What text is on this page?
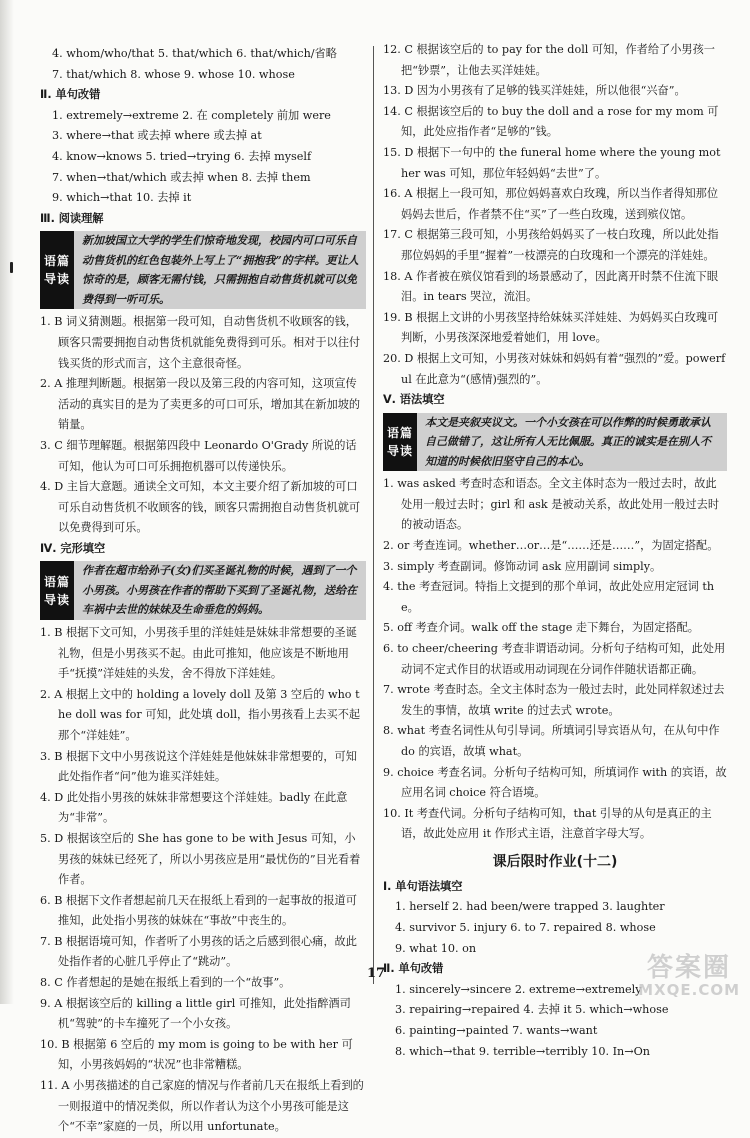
4. whom/who/that 5. that/which 6. that/which/省略
7. that/which 8. whose 9. whose 10. whose
Ⅱ. 单句改错
1. extremely→extreme 2. 在 completely 前加 were
3. where→that 或去掉 where 或去掉 at
4. know→knows 5. tried→trying 6. 去掉 myself
7. when→that/which 或去掉 when 8. 去掉 them
9. which→that 10. 去掉 it
Ⅲ. 阅读理解
语篇
导读
新加坡国立大学的学生们惊奇地发现，校园内可口可乐自动售货机的红色包装外上写上了“拥抱我”的字样。更让人惊奇的是，顾客无需付钱，只需拥抱自动售货机就可以免费得到一听可乐。
1. B 词义猜测题。根据第一段可知，自动售货机不收顾客的钱，顾客只需要拥抱自动售货机就能免费得到可乐。相对于以往付钱买货的形式而言，这个主意很奇怪。
2. A 推理判断题。根据第一段以及第三段的内容可知，这项宣传活动的真实目的是为了卖更多的可口可乐，增加其在新加坡的销量。
3. C 细节理解题。根据第四段中 Leonardo O'Grady 所说的话可知，他认为可口可乐拥抱机器可以传递快乐。
4. D 主旨大意题。通读全文可知，本文主要介绍了新加坡的可口可乐自动售货机不收顾客的钱，顾客只需拥抱自动售货机就可以免费得到可乐。
Ⅳ. 完形填空
语篇
导读
作者在超市给孙子(女)们买圣诞礼物的时候，遇到了一个小男孩。小男孩在作者的帮助下买到了圣诞礼物，送给在车祸中去世的妹妹及生命垂危的妈妈。
1. B 根据下文可知，小男孩手里的洋娃娃是妹妹非常想要的圣诞礼物，但是小男孩买不起。由此可推知，他应该是不断地用手“抚摸”洋娃娃的头发，舍不得放下洋娃娃。
2. A 根据上文中的 holding a lovely doll 及第 3 空后的 who the doll was for 可知，此处填 doll，指小男孩看上去买不起那个“洋娃娃”。
3. B 根据下文中小男孩说这个洋娃娃是他妹妹非常想要的，可知此处指作者“问”他为谁买洋娃娃。
4. D 此处指小男孩的妹妹非常想要这个洋娃娃。badly 在此意为“非常”。
5. D 根据该空后的 She has gone to be with Jesus 可知，小男孩的妹妹已经死了，所以小男孩应是用“最忧伤的”目光看着作者。
6. B 根据下文作者想起前几天在报纸上看到的一起事故的报道可推知，此处指小男孩的妹妹在“事故”中丧生的。
7. B 根据语境可知，作者听了小男孩的话之后感到很心痛，故此处指作者的心脏几乎停止了“跳动”。
8. C 作者想起的是她在报纸上看到的一个“故事”。
9. A 根据该空后的 killing a little girl 可推知，此处指醉酒司机“驾驶”的卡车撞死了一个小女孩。
10. B 根据第 6 空后的 my mom is going to be with her 可知，小男孩妈妈的“状况”也非常糟糕。
11. A 小男孩描述的自己家庭的情况与作者前几天在报纸上看到的一则报道中的情况类似，所以作者认为这个小男孩可能是这个“不幸”家庭的一员，所以用 unfortunate。
12. C 根据该空后的 to pay for the doll 可知，作者给了小男孩一把“钞票”，让他去买洋娃娃。
13. D 因为小男孩有了足够的钱买洋娃娃，所以他很“兴奋”。
14. C 根据该空后的 to buy the doll and a rose for my mom 可知，此处应指作者“足够的”钱。
15. D 根据下一句中的 the funeral home where the young mother was 可知，那位年轻妈妈“去世”了。
16. A 根据上一段可知，那位妈妈喜欢白玫瑰，所以当作者得知那位妈妈去世后，作者禁不住“买”了一些白玫瑰，送到殡仪馆。
17. C 根据第三段可知，小男孩给妈妈买了一枝白玫瑰，所以此处指那位妈妈的手里“握着”一枝漂亮的白玫瑰和一个漂亮的洋娃娃。
18. A 作者被在殡仪馆看到的场景感动了，因此离开时禁不住流下眼泪。in tears 哭泣，流泪。
19. B 根据上文讲的小男孩坚持给妹妹买洋娃娃、为妈妈买白玫瑰可判断，小男孩深深地爱着她们，用 love。
20. D 根据上文可知，小男孩对妹妹和妈妈有着“强烈的”爱。powerful 在此意为“(感情)强烈的”。
Ⅴ. 语法填空
语篇
导读
本文是夹叙夹议文。一个小女孩在可以作弊的时候勇敢承认自己做错了，这让所有人无比佩服。真正的诚实是在别人不知道的时候依旧坚守自己的本心。
1. was asked 考查时态和语态。全文主体时态为一般过去时，故此处用一般过去时；girl 和 ask 是被动关系，故此处用一般过去时的被动语态。
2. or 考查连词。whether…or…是“……还是……”，为固定搭配。
3. simply 考查副词。修饰动词 ask 应用副词 simply。
4. the 考查冠词。特指上文提到的那个单词，故此处应用定冠词 the。
5. off 考查介词。walk off the stage 走下舞台，为固定搭配。
6. to cheer/cheering 考查非谓语动词。分析句子结构可知，此处用动词不定式作目的状语或用动词现在分词作伴随状语都正确。
7. wrote 考查时态。全文主体时态为一般过去时，此处同样叙述过去发生的事情，故填 write 的过去式 wrote。
8. what 考查名词性从句引导词。所填词引导宾语从句，在从句中作 do 的宾语，故填 what。
9. choice 考查名词。分析句子结构可知，所填词作 with 的宾语，故应用名词 choice 符合语境。
10. It 考查代词。分析句子结构可知，that 引导的从句是真正的主语，故此处应用 it 作形式主语，注意首字母大写。
课后限时作业(十二)
Ⅰ. 单句语法填空
1. herself 2. had been/were trapped 3. laughter
4. survivor 5. injury 6. to 7. repaired 8. whose
9. what 10. on
Ⅱ. 单句改错
1. sincerely→sincere 2. extreme→extremely
3. repairing→repaired 4. 去掉 it 5. which→whose
6. painting→painted 7. wants→want
8. which→that 9. terrible→terribly 10. In→On
17	答案圈
MXQE.COM
